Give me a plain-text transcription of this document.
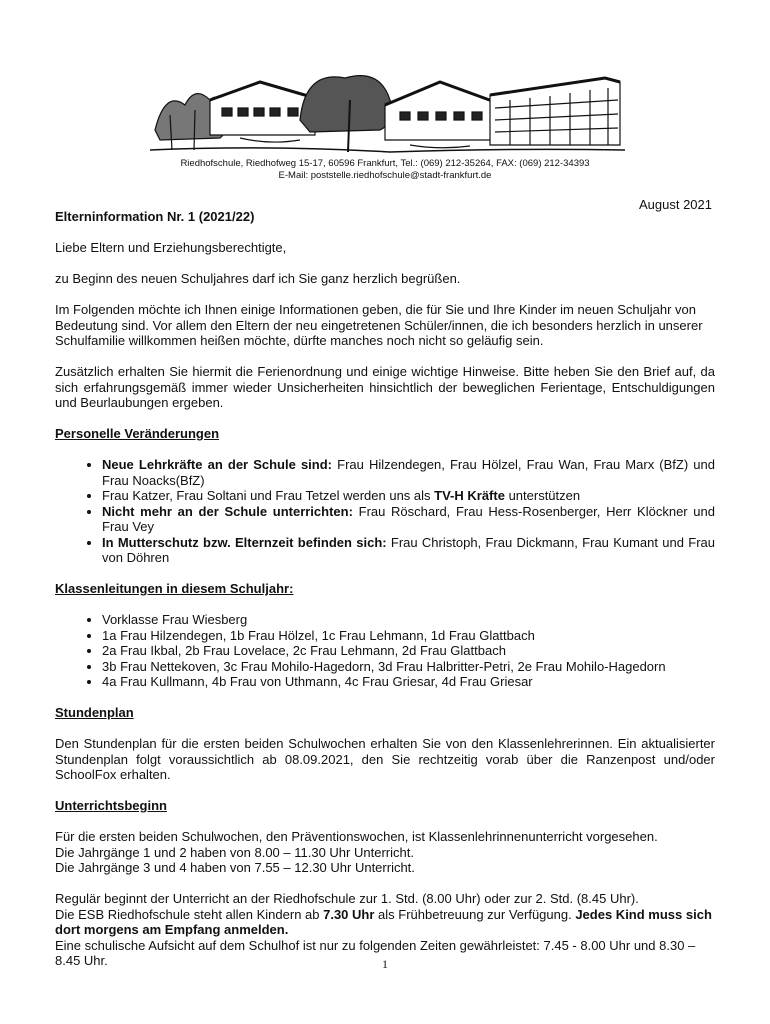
Riedhofschule, Riedhofweg 15-17, 60596 Frankfurt, Tel.: (069) 212-35264, FAX: (069) 212-34393
E-Mail: poststelle.riedhofschule@stadt-frankfurt.de
August 2021

Elterninformation Nr. 1 (2021/22)

Liebe Eltern und Erziehungsberechtigte,

zu Beginn des neuen Schuljahres darf ich Sie ganz herzlich begrüßen.

Im Folgenden möchte ich Ihnen einige Informationen geben, die für Sie und Ihre Kinder im neuen Schuljahr von Bedeutung sind. Vor allem den Eltern der neu eingetretenen Schüler/innen, die ich besonders herzlich in unserer Schulfamilie willkommen heißen möchte, dürfte manches noch nicht so geläufig sein.

Zusätzlich erhalten Sie hiermit die Ferienordnung und einige wichtige Hinweise. Bitte heben Sie den Brief auf, da sich erfahrungsgemäß immer wieder Unsicherheiten hinsichtlich der beweglichen Ferientage, Entschuldigungen und Beurlaubungen ergeben.

Personelle Veränderungen

• Neue Lehrkräfte an der Schule sind: Frau Hilzendegen, Frau Hölzel, Frau Wan, Frau Marx (BfZ) und Frau Noacks(BfZ)
• Frau Katzer, Frau Soltani und Frau Tetzel werden uns als TV-H Kräfte unterstützen
• Nicht mehr an der Schule unterrichten: Frau Röschard, Frau Hess-Rosenberger, Herr Klöckner und Frau Vey
• In Mutterschutz bzw. Elternzeit befinden sich: Frau Christoph, Frau Dickmann, Frau Kumant und Frau von Döhren

Klassenleitungen in diesem Schuljahr:

• Vorklasse Frau Wiesberg
• 1a Frau Hilzendegen, 1b Frau Hölzel, 1c Frau Lehmann, 1d Frau Glattbach
• 2a Frau Ikbal, 2b Frau Lovelace, 2c Frau Lehmann, 2d Frau Glattbach
• 3b Frau Nettekoven, 3c Frau Mohilo-Hagedorn, 3d Frau Halbritter-Petri, 2e Frau Mohilo-Hagedorn
• 4a Frau Kullmann, 4b Frau von Uthmann, 4c Frau Griesar, 4d Frau Griesar

Stundenplan

Den Stundenplan für die ersten beiden Schulwochen erhalten Sie von den Klassenlehrerinnen. Ein aktualisierter Stundenplan folgt voraussichtlich ab 08.09.2021, den Sie rechtzeitig vorab über die Ranzenpost und/oder SchoolFox erhalten.

Unterrichtsbeginn

Für die ersten beiden Schulwochen, den Präventionswochen, ist Klassenlehrinnenunterricht vorgesehen.
Die Jahrgänge 1 und 2 haben von 8.00 – 11.30 Uhr Unterricht.
Die Jahrgänge 3 und 4 haben von 7.55 – 12.30 Uhr Unterricht.
Regulär beginnt der Unterricht an der Riedhofschule zur 1. Std. (8.00 Uhr) oder zur 2. Std. (8.45 Uhr).
Die ESB Riedhofschule steht allen Kindern ab 7.30 Uhr als Frühbetreuung zur Verfügung. Jedes Kind muss sich dort morgens am Empfang anmelden.
Eine schulische Aufsicht auf dem Schulhof ist nur zu folgenden Zeiten gewährleistet: 7.45 - 8.00 Uhr und 8.30 – 8.45 Uhr.	1
